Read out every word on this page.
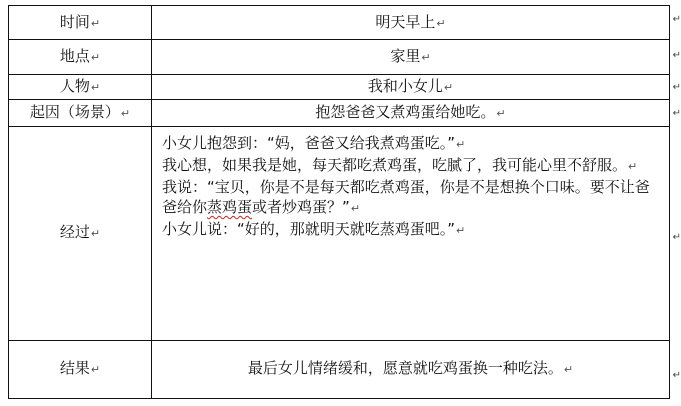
时间↵	明天早上↵
地点↵	家里↵
人物↵	我和小女儿↵
起因（场景）↵	抱怨爸爸又煮鸡蛋给她吃。↵
经过↵	小女儿抱怨到：“妈，爸爸又给我煮鸡蛋吃。”↵
我心想，如果我是她，每天都吃煮鸡蛋，吃腻了，我可能心里不舒服。↵
我说：“宝贝，你是不是每天都吃煮鸡蛋，你是不是想换个口味。要不让爸爸给你蒸鸡蛋或者炒鸡蛋？”↵
小女儿说：“好的，那就明天就吃蒸鸡蛋吧。”↵

结果↵	最后女儿情绪缓和，愿意就吃鸡蛋换一种吃法。↵
↵
↵
↵
↵
↵
↵
